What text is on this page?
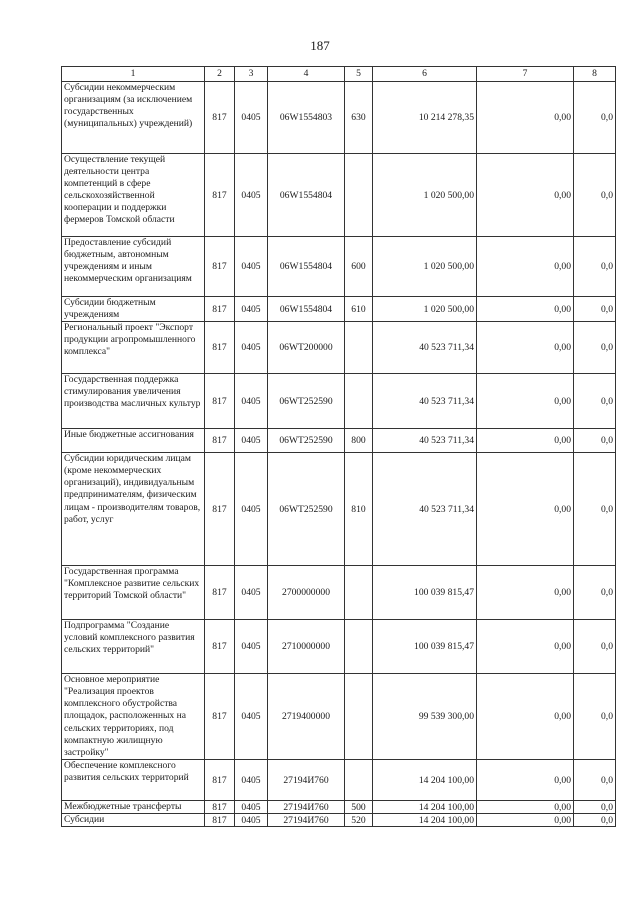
187
1	2	3	4	5	6	7	8
Субсидии некоммерческим организациям (за исключением государственных (муниципальных) учреждений)	817	0405	06W1554803	630	10 214 278,35	0,00	0,0
Осуществление текущей деятельности центра компетенций в сфере сельскохозяйственной кооперации и поддержки фермеров Томской области	817	0405	06W1554804		1 020 500,00	0,00	0,0
Предоставление субсидий бюджетным, автономным учреждениям и иным некоммерческим организациям	817	0405	06W1554804	600	1 020 500,00	0,00	0,0
Субсидии бюджетным учреждениям	817	0405	06W1554804	610	1 020 500,00	0,00	0,0
Региональный проект "Экспорт продукции агропромышленного комплекса"	817	0405	06WT200000		40 523 711,34	0,00	0,0
Государственная поддержка стимулирования увеличения производства масличных культур	817	0405	06WT252590		40 523 711,34	0,00	0,0
Иные бюджетные ассигнования	817	0405	06WT252590	800	40 523 711,34	0,00	0,0
Субсидии юридическим лицам (кроме некоммерческих организаций), индивидуальным предпринимателям, физическим лицам - производителям товаров, работ, услуг	817	0405	06WT252590	810	40 523 711,34	0,00	0,0
Государственная программа "Комплексное развитие сельских территорий Томской области"	817	0405	2700000000		100 039 815,47	0,00	0,0
Подпрограмма "Создание условий комплексного развития сельских территорий"	817	0405	2710000000		100 039 815,47	0,00	0,0
Основное мероприятие "Реализация проектов комплексного обустройства площадок, расположенных на сельских территориях, под компактную жилищную застройку"	817	0405	2719400000		99 539 300,00	0,00	0,0
Обеспечение комплексного развития сельских территорий	817	0405	27194И760		14 204 100,00	0,00	0,0
Межбюджетные трансферты	817	0405	27194И760	500	14 204 100,00	0,00	0,0
Субсидии	817	0405	27194И760	520	14 204 100,00	0,00	0,0
